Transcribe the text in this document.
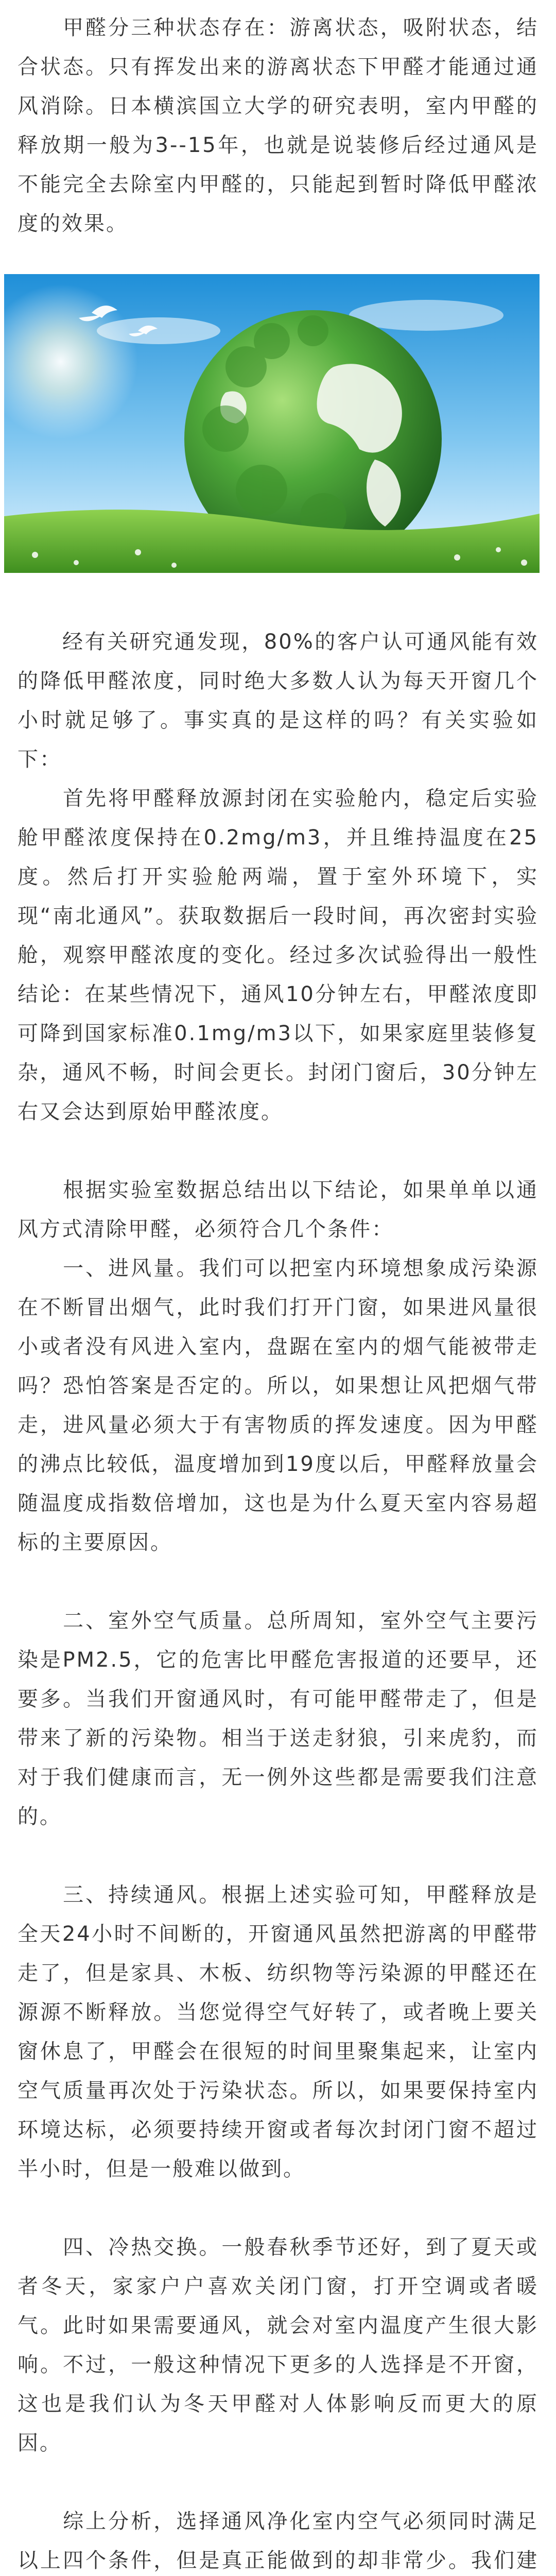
　　甲醛分三种状态存在：游离状态，吸附状态，结合状态。只有挥发出来的游离状态下甲醛才能通过通风消除。日本横滨国立大学的研究表明，室内甲醛的释放期一般为3--15年，也就是说装修后经过通风是不能完全去除室内甲醛的，只能起到暂时降低甲醛浓度的效果。

　　经有关研究通发现，80%的客户认可通风能有效的降低甲醛浓度，同时绝大多数人认为每天开窗几个小时就足够了。事实真的是这样的吗？有关实验如下：
　　首先将甲醛释放源封闭在实验舱内，稳定后实验舱甲醛浓度保持在0.2mg/m3，并且维持温度在25度。然后打开实验舱两端，置于室外环境下，实现“南北通风”。获取数据后一段时间，再次密封实验舱，观察甲醛浓度的变化。经过多次试验得出一般性结论：在某些情况下，通风10分钟左右，甲醛浓度即可降到国家标准0.1mg/m3以下，如果家庭里装修复杂，通风不畅，时间会更长。封闭门窗后，30分钟左右又会达到原始甲醛浓度。

　　根据实验室数据总结出以下结论，如果单单以通风方式清除甲醛，必须符合几个条件：
　　一、进风量。我们可以把室内环境想象成污染源在不断冒出烟气，此时我们打开门窗，如果进风量很小或者没有风进入室内，盘踞在室内的烟气能被带走吗？恐怕答案是否定的。所以，如果想让风把烟气带走，进风量必须大于有害物质的挥发速度。因为甲醛的沸点比较低，温度增加到19度以后，甲醛释放量会随温度成指数倍增加，这也是为什么夏天室内容易超标的主要原因。

　　二、室外空气质量。总所周知，室外空气主要污染是PM2.5，它的危害比甲醛危害报道的还要早，还要多。当我们开窗通风时，有可能甲醛带走了，但是带来了新的污染物。相当于送走豺狼，引来虎豹，而对于我们健康而言，无一例外这些都是需要我们注意的。

　　三、持续通风。根据上述实验可知，甲醛释放是全天24小时不间断的，开窗通风虽然把游离的甲醛带走了，但是家具、木板、纺织物等污染源的甲醛还在源源不断释放。当您觉得空气好转了，或者晚上要关窗休息了，甲醛会在很短的时间里聚集起来，让室内空气质量再次处于污染状态。所以，如果要保持室内环境达标，必须要持续开窗或者每次封闭门窗不超过半小时，但是一般难以做到。

　　四、冷热交换。一般春秋季节还好，到了夏天或者冬天，家家户户喜欢关闭门窗，打开空调或者暖气。此时如果需要通风，就会对室内温度产生很大影响。不过，一般这种情况下更多的人选择是不开窗，这也是我们认为冬天甲醛对人体影响反而更大的原因。

　　综上分析，选择通风净化室内空气必须同时满足以上四个条件，但是真正能做到的却非常少。我们建
